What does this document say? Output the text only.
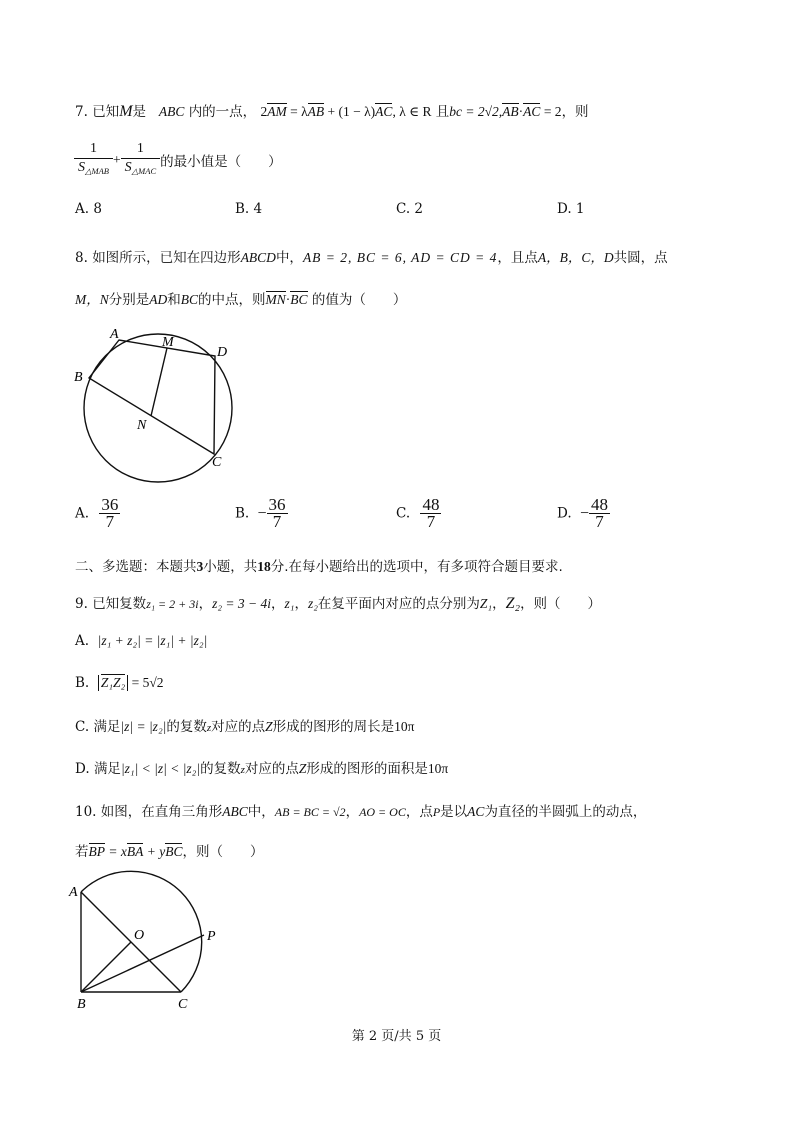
7. 已知M是 ABC 内的一点， 2AM = λAB + (1 − λ)AC, λ ∈ R 且bc = 2√2,AB·AC = 2，则
$\frac{1}{S_{\triangle MAB}} + \frac{1}{S_{\triangle MAC}}$ 的最小值是（　　）
A. 8	B. 4	C. 2	D. 1
8. 如图所示，已知在四边形ABCD中，AB = 2, BC = 6, AD = CD = 4，且点A，B，C，D共圆，点
M，N分别是AD和BC的中点，则MN·BC 的值为（　　）
A
B
C
D
M
N
A. $\frac{36}{7}$	B. − $\frac{36}{7}$	C. $\frac{48}{7}$	D. − $\frac{48}{7}$
二、多选题：本题共3小题，共18分.在每小题给出的选项中，有多项符合题目要求.
9. 已知复数z₁ = 2 + 3i，z₂ = 3 − 4i，z₁，z₂在复平面内对应的点分别为Z₁，Z₂，则（　　）
A. |z₁ + z₂| = |z₁| + |z₂|
B. Z₁Z₂ = 5√2
C. 满足|z| = |z₂|的复数z对应的点Z形成的图形的周长是10π
D. 满足|z₁| < |z| < |z₂|的复数z对应的点Z形成的图形的面积是10π
10. 如图，在直角三角形ABC中，AB = BC = √2，AO = OC，点P是以AC为直径的半圆弧上的动点，
若BP = xBA + yBC，则（　　）
A
B	C
O	P
第 2 页/共 5 页
